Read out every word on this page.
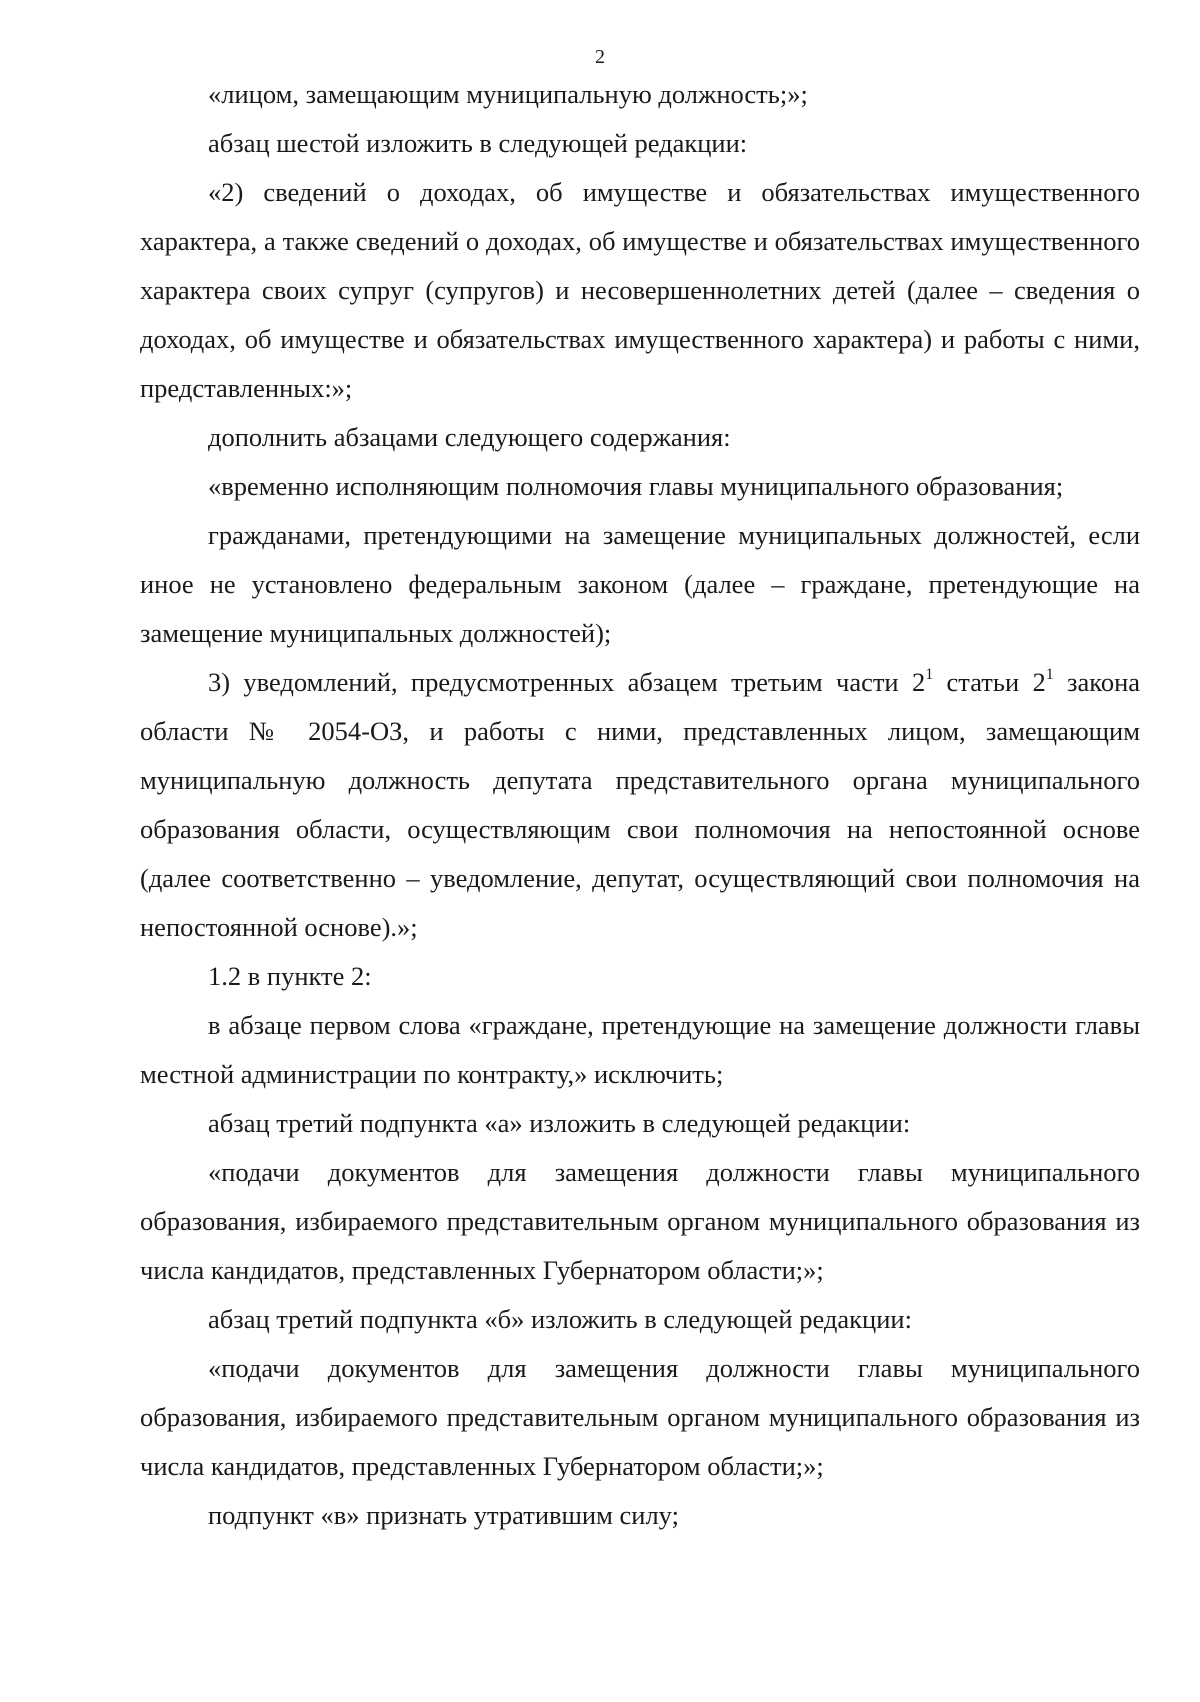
2

«лицом, замещающим муниципальную должность;»;

абзац шестой изложить в следующей редакции:

«2) сведений о доходах, об имуществе и обязательствах имущественного характера, а также сведений о доходах, об имуществе и обязательствах имущественного характера своих супруг (супругов) и несовершеннолетних детей (далее – сведения о доходах, об имуществе и обязательствах имущественного характера) и работы с ними, представленных:»;

дополнить абзацами следующего содержания:

«временно исполняющим полномочия главы муниципального образования;

гражданами, претендующими на замещение муниципальных должностей, если иное не установлено федеральным законом (далее – граждане, претендующие на замещение муниципальных должностей);

3) уведомлений, предусмотренных абзацем третьим части $2^1$ статьи $2^1$ закона области № 2054-ОЗ, и работы с ними, представленных лицом, замещающим муниципальную должность депутата представительного органа муниципального образования области, осуществляющим свои полномочия на непостоянной основе (далее соответственно – уведомление, депутат, осуществляющий свои полномочия на непостоянной основе).»;

1.2 в пункте 2:

в абзаце первом слова «граждане, претендующие на замещение должности главы местной администрации по контракту,» исключить;

абзац третий подпункта «а» изложить в следующей редакции:

«подачи документов для замещения должности главы муниципального образования, избираемого представительным органом муниципального образования из числа кандидатов, представленных Губернатором области;»;

абзац третий подпункта «б» изложить в следующей редакции:

«подачи документов для замещения должности главы муниципального образования, избираемого представительным органом муниципального образования из числа кандидатов, представленных Губернатором области;»;

подпункт «в» признать утратившим силу;
